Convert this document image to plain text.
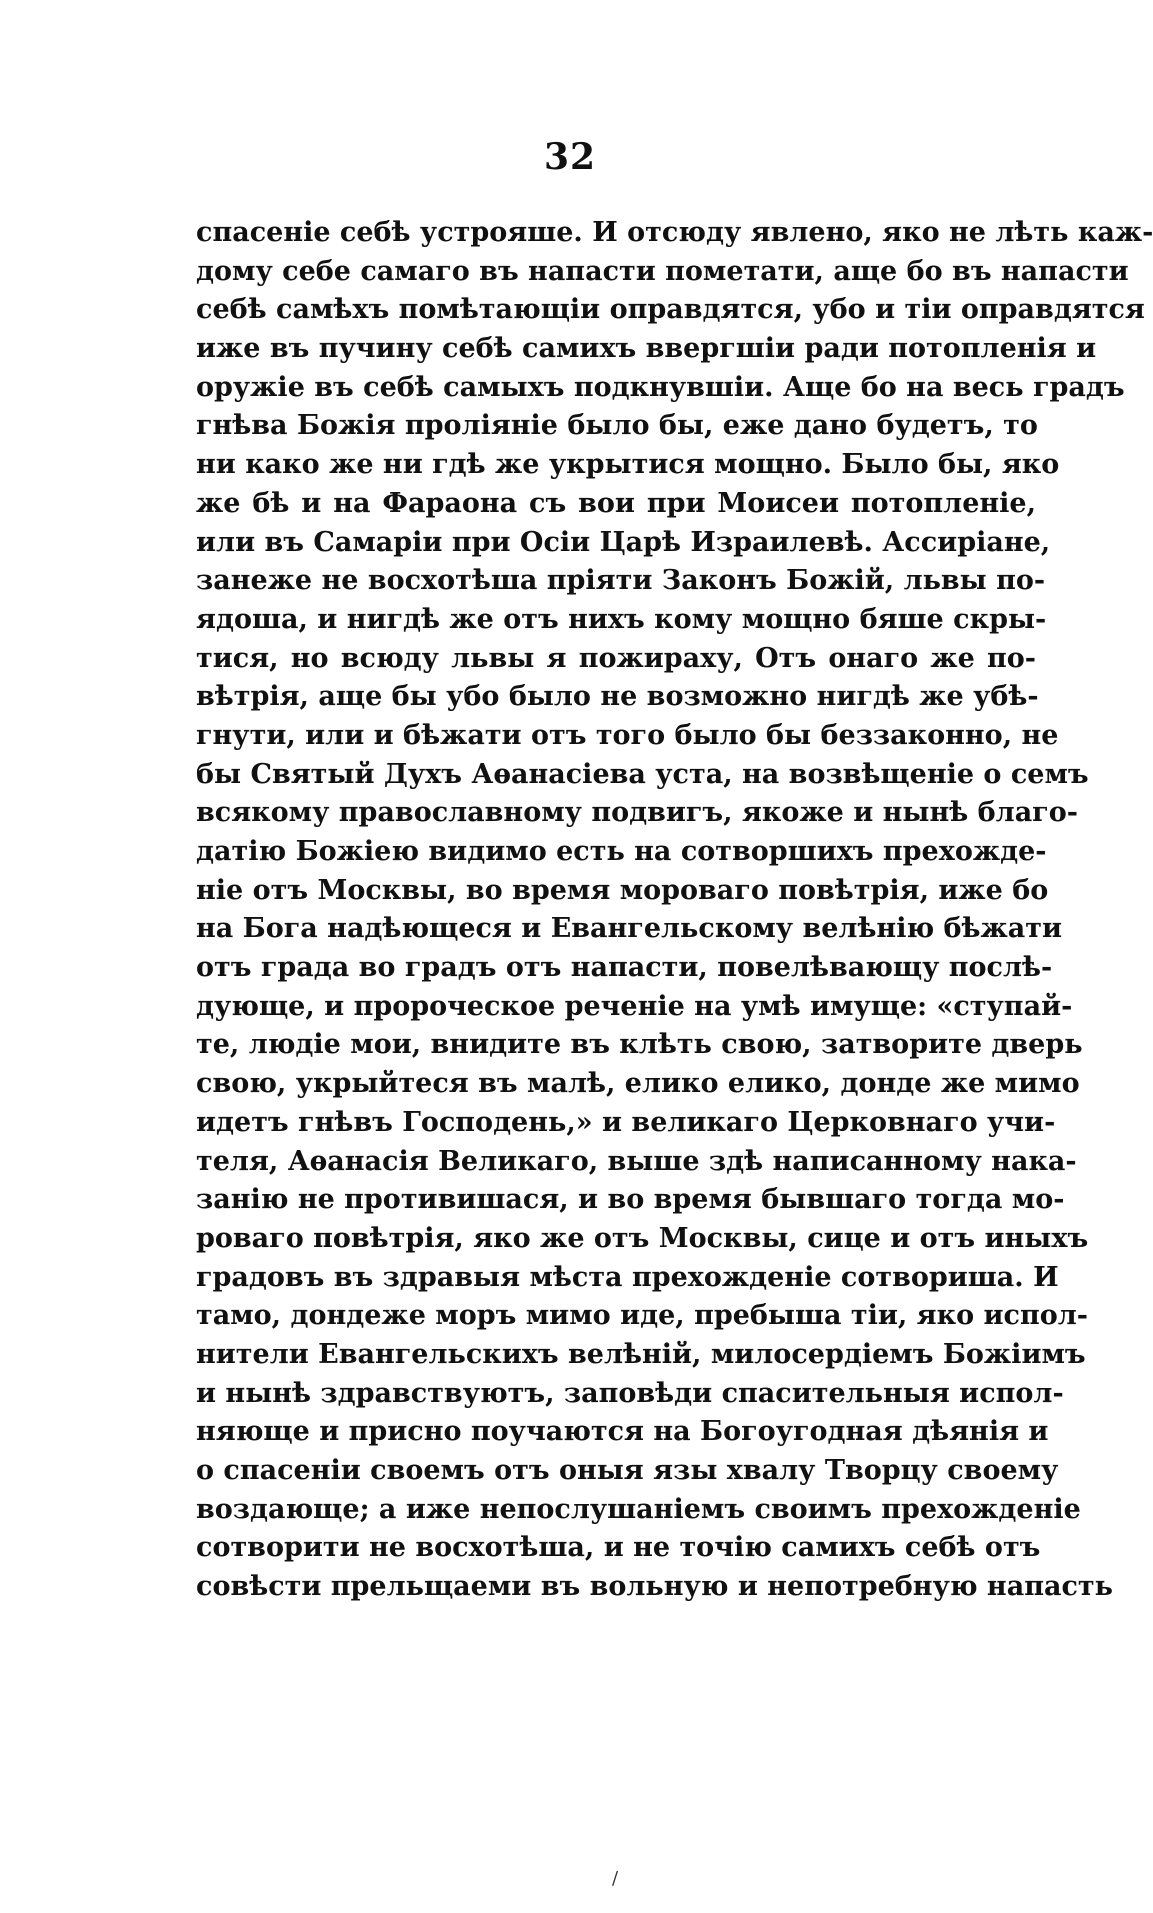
32
спасеніе себѣ устрояше. И отсюду явлено, яко не лѣть каж-
дому себе самаго въ напасти пометати, аще бо въ напасти
себѣ самѣхъ помѣтающіи оправдятся, убо и тіи оправдятся
иже въ пучину себѣ самихъ ввергшіи ради потопленія и
оружіе въ себѣ самыхъ подкнувшіи. Аще бо на весь градъ
гнѣва Божія проліяніе было бы, еже дано будетъ, то
ни како же ни гдѣ же укрытися мощно. Было бы, яко
же бѣ и на Фараона съ вои при Моисеи потопленіе,
или въ Самаріи при Осіи Царѣ Израилевѣ. Ассиріане,
занеже не восхотѣша пріяти Законъ Божій, львы по-
ядоша, и нигдѣ же отъ нихъ кому мощно бяше скры-
тися, но всюду львы я пожираху, Отъ онаго же по-
вѣтрія, аще бы убо было не возможно нигдѣ же убѣ-
гнути, или и бѣжати отъ того было бы беззаконно, не
бы Святый Духъ Аѳанасіева уста, на возвѣщеніе о семъ
всякому православному подвигъ, якоже и нынѣ благо-
датію Божіею видимо есть на сотворшихъ прехожде-
ніе отъ Москвы, во время мороваго повѣтрія, иже бо
на Бога надѣющеся и Евангельскому велѣнію бѣжати
отъ града во градъ отъ напасти, повелѣвающу послѣ-
дующе, и пророческое реченіе на умѣ имуще: «ступай-
те, людіе мои, внидите въ клѣть свою, затворите дверь
свою, укрыйтеся въ малѣ, елико елико, донде же мимо
идетъ гнѣвъ Господень,» и великаго Церковнаго учи-
теля, Аѳанасія Великаго, выше здѣ написанному нака-
занію не противишася, и во время бывшаго тогда мо-
роваго повѣтрія, яко же отъ Москвы, сице и отъ иныхъ
градовъ въ здравыя мѣста прехожденіе сотвориша. И
тамо, дондеже моръ мимо иде, пребыша тіи, яко испол-
нители Евангельскихъ велѣній, милосердіемъ Божіимъ
и нынѣ здравствуютъ, заповѣди спасительныя испол-
няюще и присно поучаются на Богоугодная дѣянія и
о спасеніи своемъ отъ оныя язы хвалу Творцу своему
воздающе; а иже непослушаніемъ своимъ прехожденіе
сотворити не восхотѣша, и не точію самихъ себѣ отъ
совѣсти прельщаеми въ вольную и непотребную напасть
/
